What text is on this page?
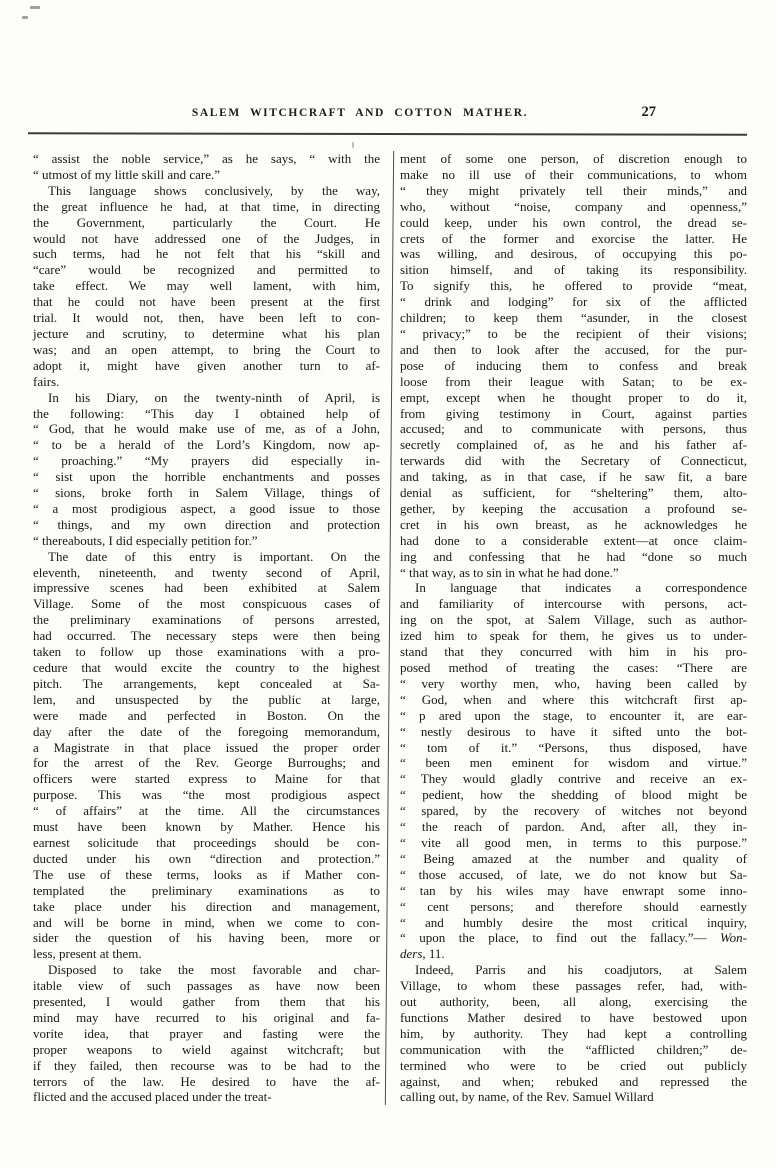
SALEM WITCHCRAFT AND COTTON MATHER.	27
“ assist the noble service,” as he says, “ with the
“ utmost of my little skill and care.”
This language shows conclusively, by the way,
the great influence he had, at that time, in directing
the Government, particularly the Court. He
would not have addressed one of the Judges, in
such terms, had he not felt that his “skill and
“care” would be recognized and permitted to
take effect. We may well lament, with him,
that he could not have been present at the first
trial. It would not, then, have been left to con-
jecture and scrutiny, to determine what his plan
was; and an open attempt, to bring the Court to
adopt it, might have given another turn to af-
fairs.
In his Diary, on the twenty-ninth of April, is
the following: “This day I obtained help of
“ God, that he would make use of me, as of a John,
“ to be a herald of the Lord’s Kingdom, now ap-
“ proaching.” “My prayers did especially in-
“ sist upon the horrible enchantments and posses
“ sions, broke forth in Salem Village, things of
“ a most prodigious aspect, a good issue to those
“ things, and my own direction and protection
“ thereabouts, I did especially petition for.”
The date of this entry is important. On the
eleventh, nineteenth, and twenty second of April,
impressive scenes had been exhibited at Salem
Village. Some of the most conspicuous cases of
the preliminary examinations of persons arrested,
had occurred. The necessary steps were then being
taken to follow up those examinations with a pro-
cedure that would excite the country to the highest
pitch. The arrangements, kept concealed at Sa-
lem, and unsuspected by the public at large,
were made and perfected in Boston. On the
day after the date of the foregoing memorandum,
a Magistrate in that place issued the proper order
for the arrest of the Rev. George Burroughs; and
officers were started express to Maine for that
purpose. This was “the most prodigious aspect
“ of affairs” at the time. All the circumstances
must have been known by Mather. Hence his
earnest solicitude that proceedings should be con-
ducted under his own “direction and protection.”
The use of these terms, looks as if Mather con-
templated the preliminary examinations as to
take place under his direction and management,
and will be borne in mind, when we come to con-
sider the question of his having been, more or
less, present at them.
Disposed to take the most favorable and char-
itable view of such passages as have now been
presented, I would gather from them that his
mind may have recurred to his original and fa-
vorite idea, that prayer and fasting were the
proper weapons to wield against witchcraft; but
if they failed, then recourse was to be had to the
terrors of the law. He desired to have the af-
flicted and the accused placed under the treat-
ment of some one person, of discretion enough to
make no ill use of their communications, to whom
“ they might privately tell their minds,” and
who, without “noise, company and openness,”
could keep, under his own control, the dread se-
crets of the former and exorcise the latter. He
was willing, and desirous, of occupying this po-
sition himself, and of taking its responsibility.
To signify this, he offered to provide “meat,
“ drink and lodging” for six of the afflicted
children; to keep them “asunder, in the closest
“ privacy;” to be the recipient of their visions;
and then to look after the accused, for the pur-
pose of inducing them to confess and break
loose from their league with Satan; to be ex-
empt, except when he thought proper to do it,
from giving testimony in Court, against parties
accused; and to communicate with persons, thus
secretly complained of, as he and his father af-
terwards did with the Secretary of Connecticut,
and taking, as in that case, if he saw fit, a bare
denial as sufficient, for “sheltering” them, alto-
gether, by keeping the accusation a profound se-
cret in his own breast, as he acknowledges he
had done to a considerable extent—at once claim-
ing and confessing that he had “done so much
“ that way, as to sin in what he had done.”
In language that indicates a correspondence
and familiarity of intercourse with persons, act-
ing on the spot, at Salem Village, such as author-
ized him to speak for them, he gives us to under-
stand that they concurred with him in his pro-
posed method of treating the cases: “There are
“ very worthy men, who, having been called by
“ God, when and where this witchcraft first ap-
“ p ared upon the stage, to encounter it, are ear-
“ nestly desirous to have it sifted unto the bot-
“ tom of it.” “Persons, thus disposed, have
“ been men eminent for wisdom and virtue.”
“ They would gladly contrive and receive an ex-
“ pedient, how the shedding of blood might be
“ spared, by the recovery of witches not beyond
“ the reach of pardon. And, after all, they in-
“ vite all good men, in terms to this purpose.”
“ Being amazed at the number and quality of
“ those accused, of late, we do not know but Sa-
“ tan by his wiles may have enwrapt some inno-
“ cent persons; and therefore should earnestly
“ and humbly desire the most critical inquiry,
“ upon the place, to find out the fallacy.”— Won-
ders, 11.
Indeed, Parris and his coadjutors, at Salem
Village, to whom these passages refer, had, with-
out authority, been, all along, exercising the
functions Mather desired to have bestowed upon
him, by authority. They had kept a controlling
communication with the “afflicted children;” de-
termined who were to be cried out publicly
against, and when; rebuked and repressed the
calling out, by name, of the Rev. Samuel Willard
